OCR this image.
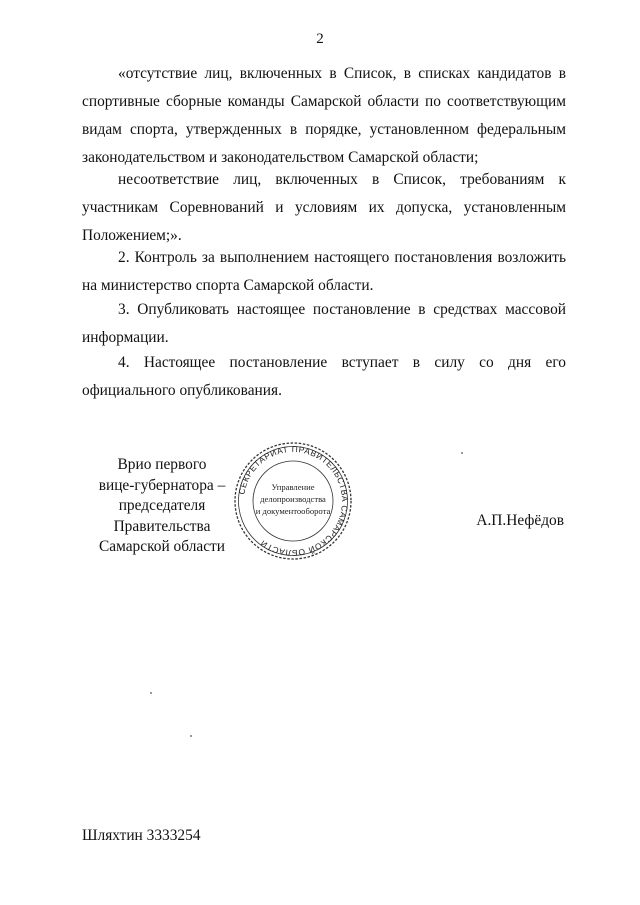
2
«отсутствие лиц, включенных в Список, в списках кандидатов в
спортивные сборные команды Самарской области по соответствующим
видам спорта, утвержденных в порядке, установленном федеральным
законодательством и законодательством Самарской области;
несоответствие лиц, включенных в Список, требованиям к
участникам Соревнований и условиям их допуска, установленным
Положением;».
2. Контроль за выполнением настоящего постановления возложить
на министерство спорта Самарской области.
3. Опубликовать настоящее постановление в средствах массовой
информации.
4. Настоящее постановление вступает в силу со дня его
официального опубликования.
Врио первого
вице-губернатора –
председателя Правительства
Самарской области
СЕКРЕТАРИАТ ПРАВИТЕЛЬСТВА САМАРСКОЙ ОБЛАСТИ
Управление
делопроизводства
и документооборота
А.П.Нефёдов
Шляхтин 3333254
